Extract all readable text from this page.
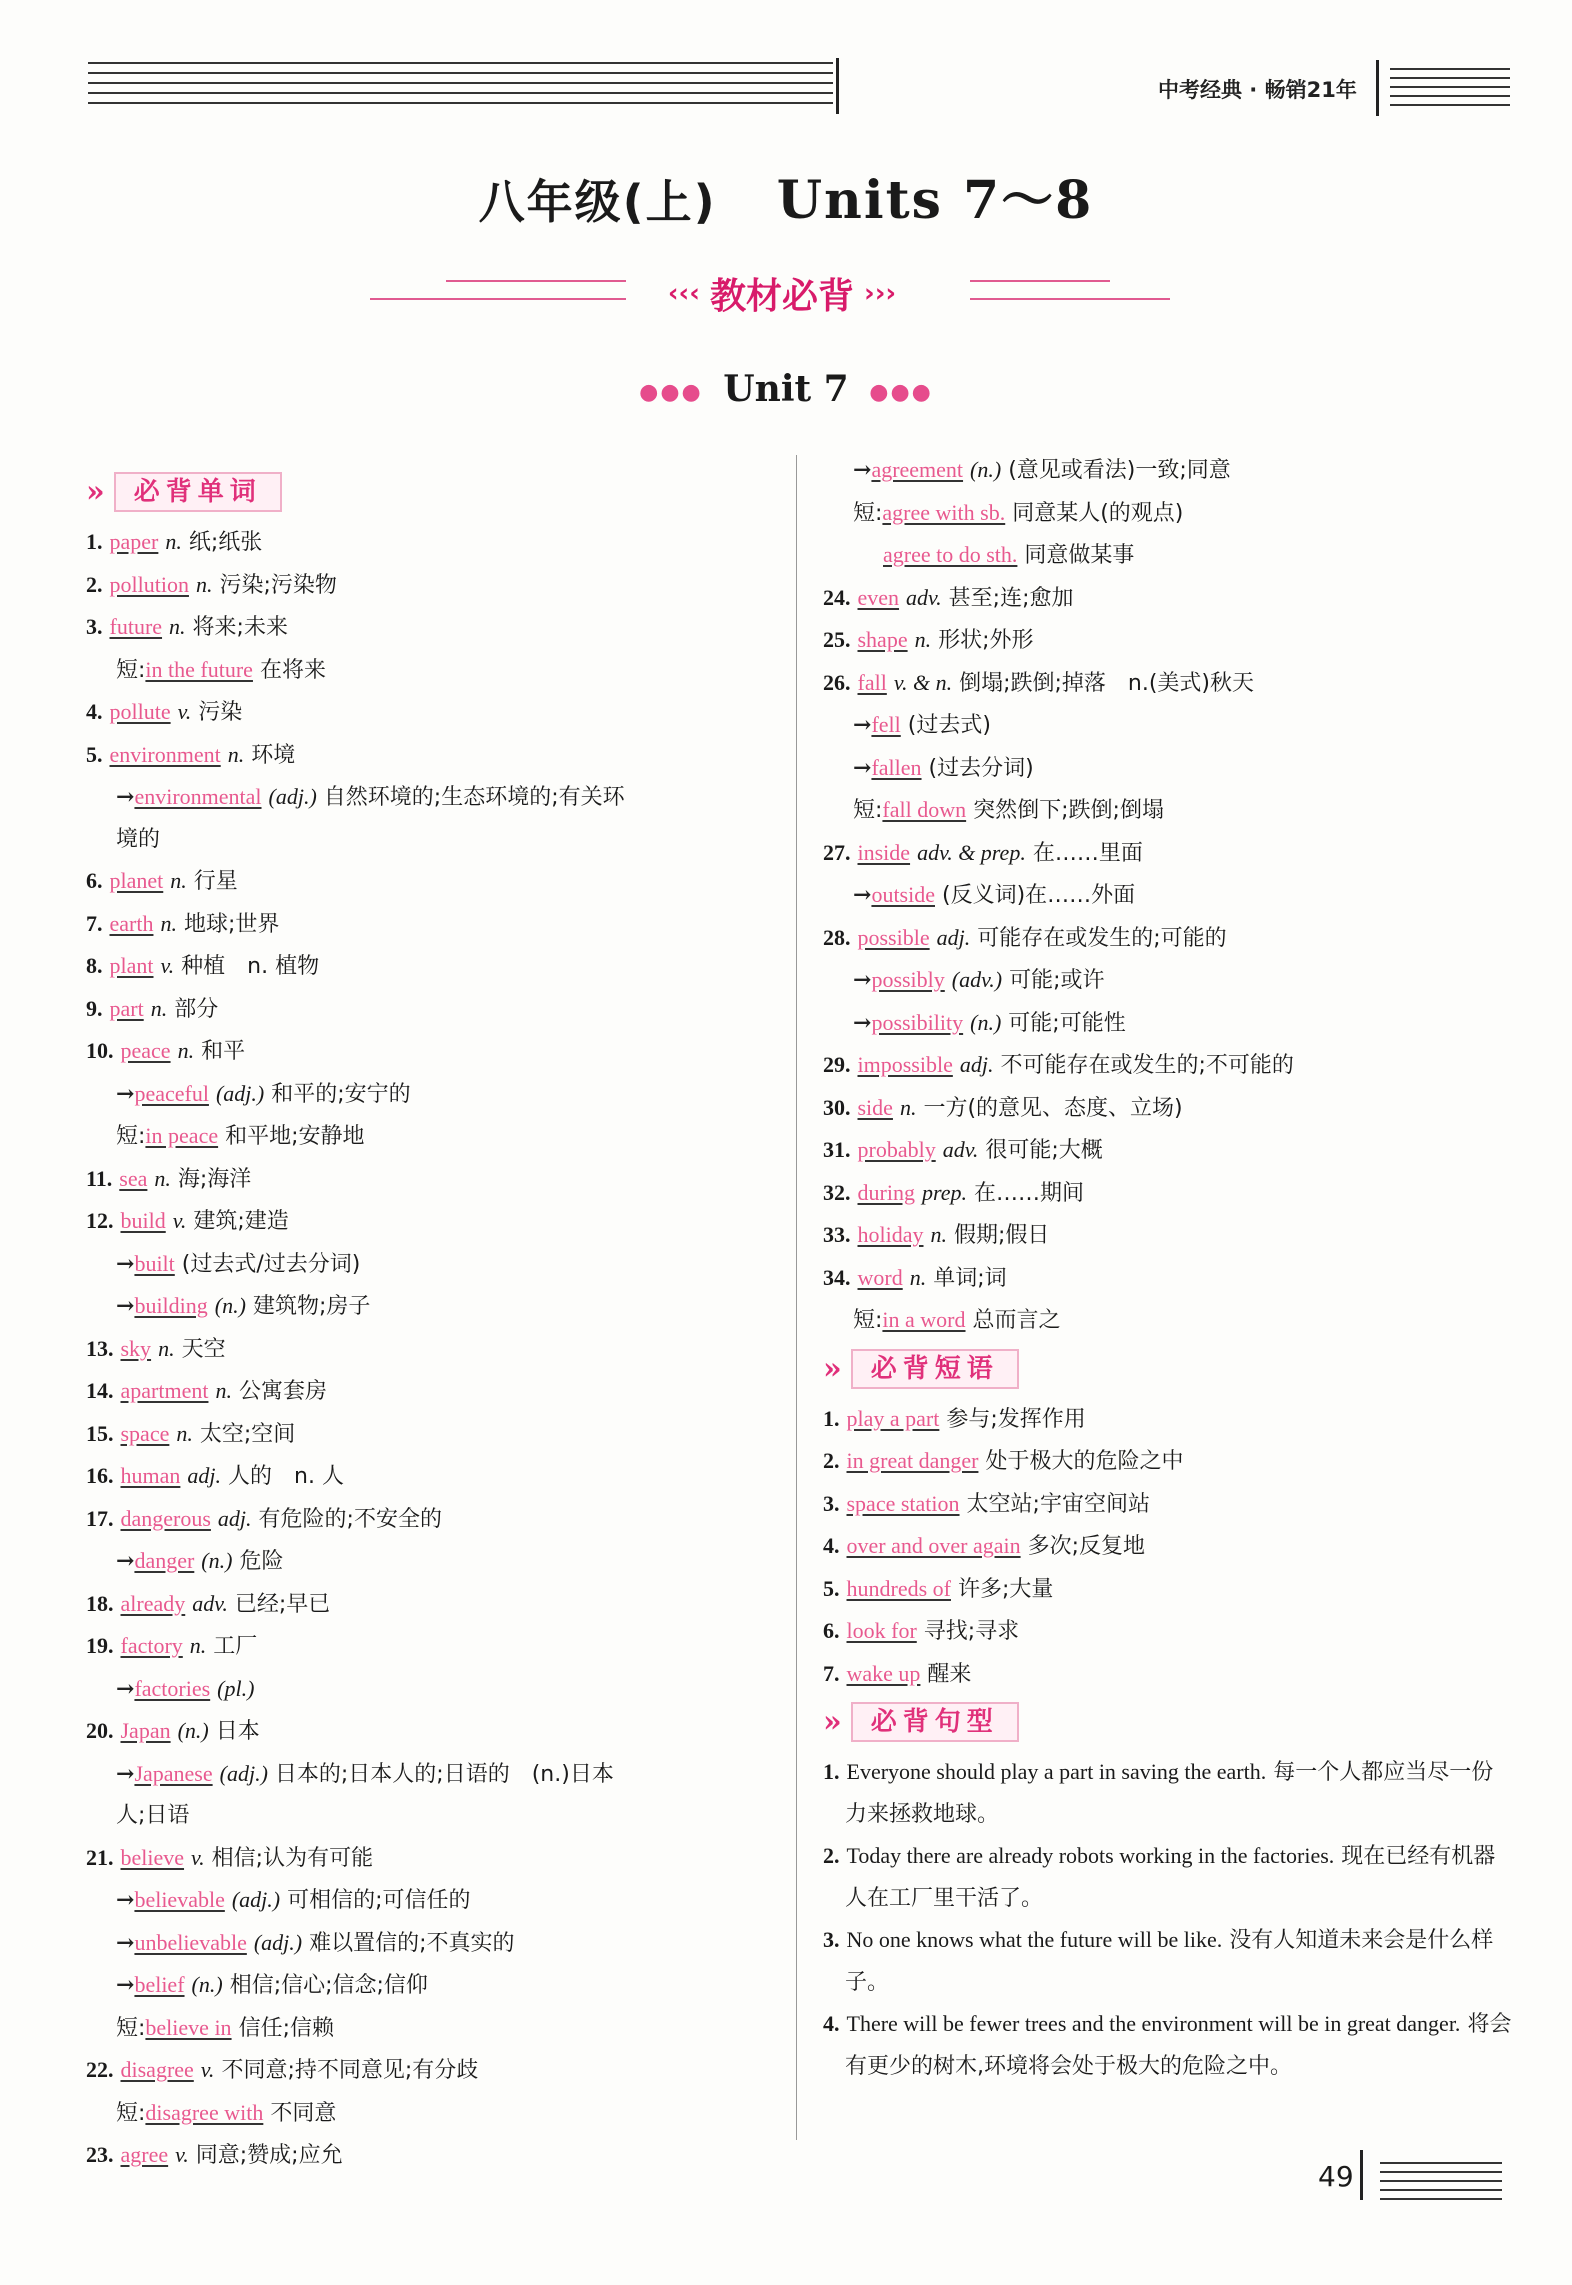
中考经典 · 畅销21年
八年级(上) Units 7～8
‹‹‹ 教材必背 ›››
●●● Unit 7 ●●●
» 必背单词
1. paper n. 纸;纸张
2. pollution n. 污染;污染物
3. future n. 将来;未来
短:in the future 在将来
4. pollute v. 污染
5. environment n. 环境
→environmental (adj.) 自然环境的;生态环境的;有关环
境的
6. planet n. 行星
7. earth n. 地球;世界
8. plant v. 种植　n. 植物
9. part n. 部分
10. peace n. 和平
→peaceful (adj.) 和平的;安宁的
短:in peace 和平地;安静地
11. sea n. 海;海洋
12. build v. 建筑;建造
→built (过去式/过去分词)
→building (n.) 建筑物;房子
13. sky n. 天空
14. apartment n. 公寓套房
15. space n. 太空;空间
16. human adj. 人的　n. 人
17. dangerous adj. 有危险的;不安全的
→danger (n.) 危险
18. already adv. 已经;早已
19. factory n. 工厂
→factories (pl.)
20. Japan (n.) 日本
→Japanese (adj.) 日本的;日本人的;日语的　(n.)日本
人;日语
21. believe v. 相信;认为有可能
→believable (adj.) 可相信的;可信任的
→unbelievable (adj.) 难以置信的;不真实的
→belief (n.) 相信;信心;信念;信仰
短:believe in 信任;信赖
22. disagree v. 不同意;持不同意见;有分歧
短:disagree with 不同意
23. agree v. 同意;赞成;应允
→agreement (n.) (意见或看法)一致;同意
短:agree with sb. 同意某人(的观点)
agree to do sth. 同意做某事
24. even adv. 甚至;连;愈加
25. shape n. 形状;外形
26. fall v. & n. 倒塌;跌倒;掉落　n.(美式)秋天
→fell (过去式)
→fallen (过去分词)
短:fall down 突然倒下;跌倒;倒塌
27. inside adv. & prep. 在……里面
→outside (反义词)在……外面
28. possible adj. 可能存在或发生的;可能的
→possibly (adv.) 可能;或许
→possibility (n.) 可能;可能性
29. impossible adj. 不可能存在或发生的;不可能的
30. side n. 一方(的意见、态度、立场)
31. probably adv. 很可能;大概
32. during prep. 在……期间
33. holiday n. 假期;假日
34. word n. 单词;词
短:in a word 总而言之
» 必背短语
1. play a part 参与;发挥作用
2. in great danger 处于极大的危险之中
3. space station 太空站;宇宙空间站
4. over and over again 多次;反复地
5. hundreds of 许多;大量
6. look for 寻找;寻求
7. wake up 醒来
» 必背句型
1. Everyone should play a part in saving the earth. 每一个人都应当尽一份力来拯救地球。
2. Today there are already robots working in the factories. 现在已经有机器人在工厂里干活了。
3. No one knows what the future will be like. 没有人知道未来会是什么样子。
4. There will be fewer trees and the environment will be in great danger. 将会有更少的树木,环境将会处于极大的危险之中。
49
